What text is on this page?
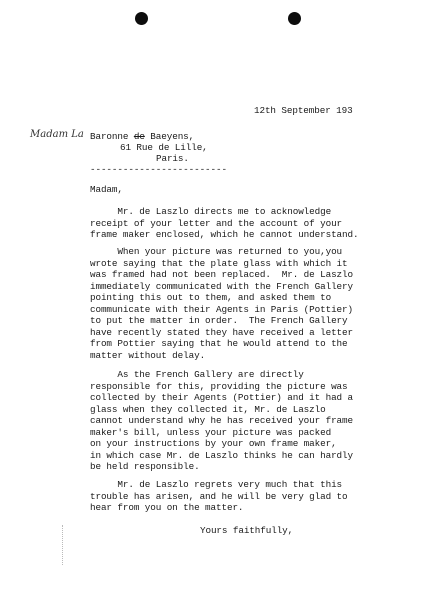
12th September 193
Madam La Baronne de Baeyens,
61 Rue de Lille,
Paris.
-------------------------
Madam,
Mr. de Laszlo directs me to acknowledge
receipt of your letter and the account of your
frame maker enclosed, which he cannot understand.
When your picture was returned to you,you
wrote saying that the plate glass with which it
was framed had not been replaced.  Mr. de Laszlo
immediately communicated with the French Gallery
pointing this out to them, and asked them to
communicate with their Agents in Paris (Pottier)
to put the matter in order.  The French Gallery
have recently stated they have received a letter
from Pottier saying that he would attend to the
matter without delay.
As the French Gallery are directly
responsible for this, providing the picture was
collected by their Agents (Pottier) and it had a
glass when they collected it, Mr. de Laszlo
cannot understand why he has received your frame
maker's bill, unless your picture was packed
on your instructions by your own frame maker,
in which case Mr. de Laszlo thinks he can hardly
be held responsible.
Mr. de Laszlo regrets very much that this
trouble has arisen, and he will be very glad to
hear from you on the matter.
Yours faithfully,
